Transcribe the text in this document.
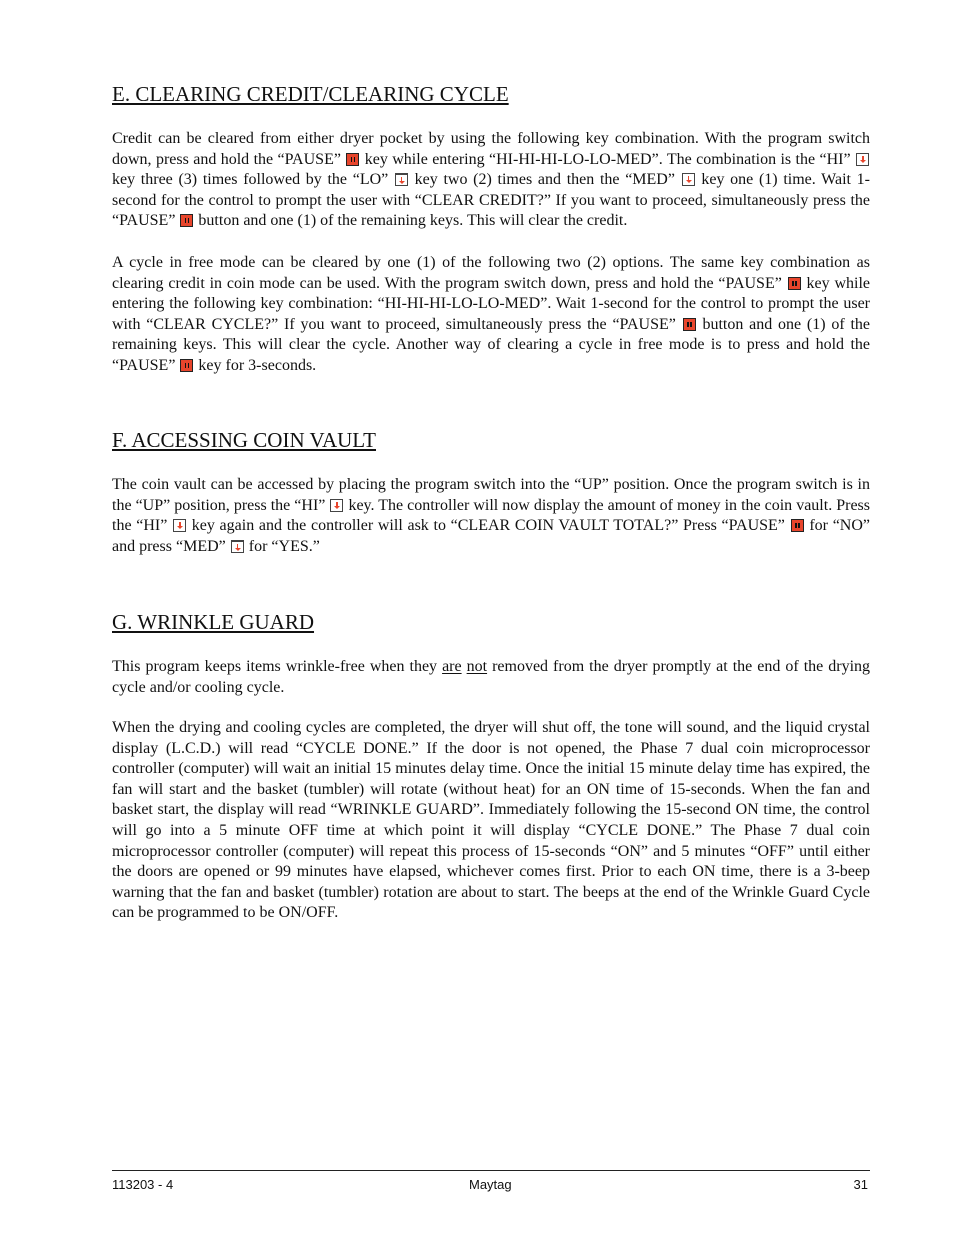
E. CLEARING CREDIT/CLEARING CYCLE

Credit can be cleared from either dryer pocket by using the following key combination. With the program switch down, press and hold the “PAUSE”  key while entering “HI-HI-HI-LO-LO-MED”. The combination is the “HI”  key three (3) times followed by the “LO”  key two (2) times and then the “MED”  key one (1) time. Wait 1-second for the control to prompt the user with “CLEAR CREDIT?” If you want to proceed, simultaneously press the “PAUSE”  button and one (1) of the remaining keys. This will clear the credit.

A cycle in free mode can be cleared by one (1) of the following two (2) options. The same key combination as clearing credit in coin mode can be used. With the program switch down, press and hold the “PAUSE”  key while entering the following key combination: “HI-HI-HI-LO-LO-MED”. Wait 1-second for the control to prompt the user with “CLEAR CYCLE?” If you want to proceed, simultaneously press the “PAUSE”  button and one (1) of the remaining keys. This will clear the cycle. Another way of clearing a cycle in free mode is to press and hold the “PAUSE”  key for 3-seconds.

F. ACCESSING COIN VAULT

The coin vault can be accessed by placing the program switch into the “UP” position. Once the program switch is in the “UP” position, press the “HI”  key. The controller will now display the amount of money in the coin vault. Press the “HI”  key again and the controller will ask to “CLEAR COIN VAULT TOTAL?” Press “PAUSE”  for “NO” and press “MED”  for “YES.”

G. WRINKLE GUARD

This program keeps items wrinkle-free when they are not removed from the dryer promptly at the end of the drying cycle and/or cooling cycle.

When the drying and cooling cycles are completed, the dryer will shut off, the tone will sound, and the liquid crystal display (L.C.D.) will read “CYCLE DONE.” If the door is not opened, the Phase 7 dual coin microprocessor controller (computer) will wait an initial 15 minutes delay time. Once the initial 15 minute delay time has expired, the fan will start and the basket (tumbler) will rotate (without heat) for an ON time of 15-seconds. When the fan and basket start, the display will read “WRINKLE GUARD”. Immediately following the 15-second ON time, the control will go into a 5 minute OFF time at which point it will display “CYCLE DONE.” The Phase 7 dual coin microprocessor controller (computer) will repeat this process of 15-seconds “ON” and 5 minutes “OFF” until either the doors are opened or 99 minutes have elapsed, whichever comes first. Prior to each ON time, there is a 3-beep warning that the fan and basket (tumbler) rotation are about to start. The beeps at the end of the Wrinkle Guard Cycle can be programmed to be ON/OFF.

113203 - 4	Maytag	31
